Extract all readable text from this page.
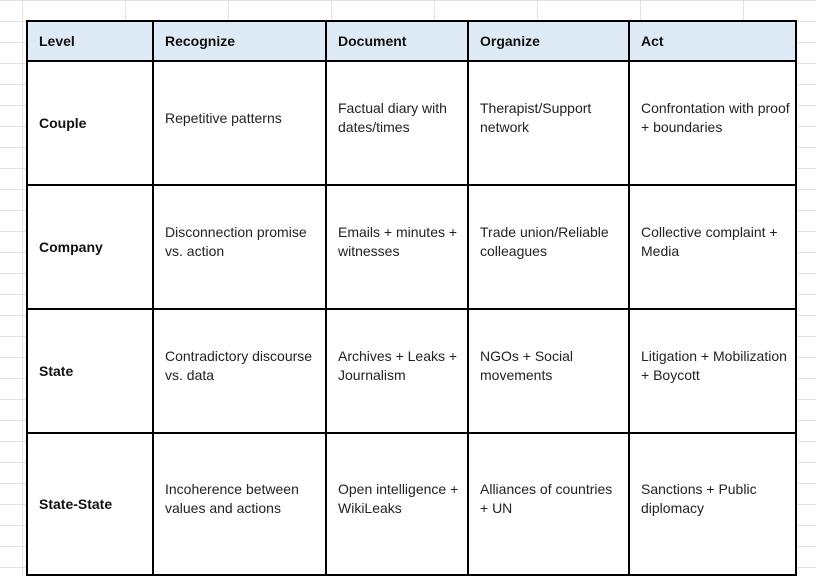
Level	Recognize	Document	Organize	Act
Couple	Repetitive patterns	Factual diary with dates/times	Therapist/Support network	Confrontation with proof + boundaries
Company	Disconnection promise vs. action	Emails + minutes + witnesses	Trade union/Reliable colleagues	Collective complaint + Media
State	Contradictory discourse vs. data	Archives + Leaks + Journalism	NGOs + Social movements	Litigation + Mobilization + Boycott
State-State	Incoherence between values and actions	Open intelligence + WikiLeaks	Alliances of countries + UN	Sanctions + Public diplomacy
